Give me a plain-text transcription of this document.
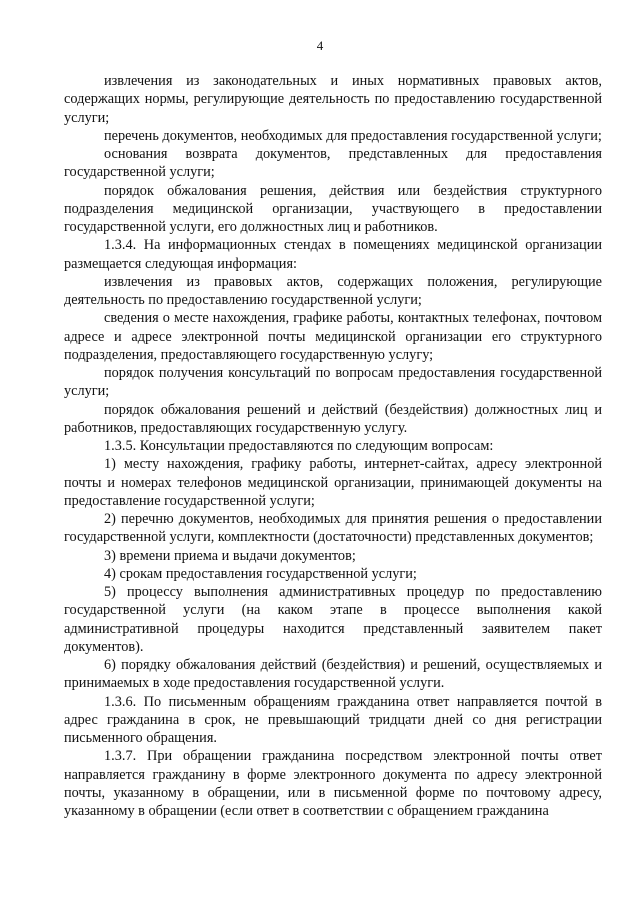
4

извлечения из законодательных и иных нормативных правовых актов, содержащих нормы, регулирующие деятельность по предоставлению государственной услуги;

перечень документов, необходимых для предоставления государственной услуги;

основания возврата документов, представленных для предоставления государственной услуги;

порядок обжалования решения, действия или бездействия структурного подразделения медицинской организации, участвующего в предоставлении государственной услуги, его должностных лиц и работников.

1.3.4. На информационных стендах в помещениях медицинской организации размещается следующая информация:

извлечения из правовых актов, содержащих положения, регулирующие деятельность по предоставлению государственной услуги;

сведения о месте нахождения, графике работы, контактных телефонах, почтовом адресе и адресе электронной почты медицинской организации его структурного подразделения, предоставляющего государственную услугу;

порядок получения консультаций по вопросам предоставления государственной услуги;

порядок обжалования решений и действий (бездействия) должностных лиц и работников, предоставляющих государственную услугу.

1.3.5. Консультации предоставляются по следующим вопросам:

1) месту нахождения, графику работы, интернет-сайтах, адресу электронной почты и номерах телефонов медицинской организации, принимающей документы на предоставление государственной услуги;

2) перечню документов, необходимых для принятия решения о предоставлении государственной услуги, комплектности (достаточности) представленных документов;

3) времени приема и выдачи документов;

4) срокам предоставления государственной услуги;

5) процессу выполнения административных процедур по предоставлению государственной услуги (на каком этапе в процессе выполнения какой административной процедуры находится представленный заявителем пакет документов).

6) порядку обжалования действий (бездействия) и решений, осуществляемых и принимаемых в ходе предоставления государственной услуги.

1.3.6. По письменным обращениям гражданина ответ направляется почтой в адрес гражданина в срок, не превышающий тридцати дней со дня регистрации письменного обращения.

1.3.7. При обращении гражданина посредством электронной почты ответ направляется гражданину в форме электронного документа по адресу электронной почты, указанному в обращении, или в письменной форме по почтовому адресу, указанному в обращении (если ответ в соответствии с обращением гражданина
